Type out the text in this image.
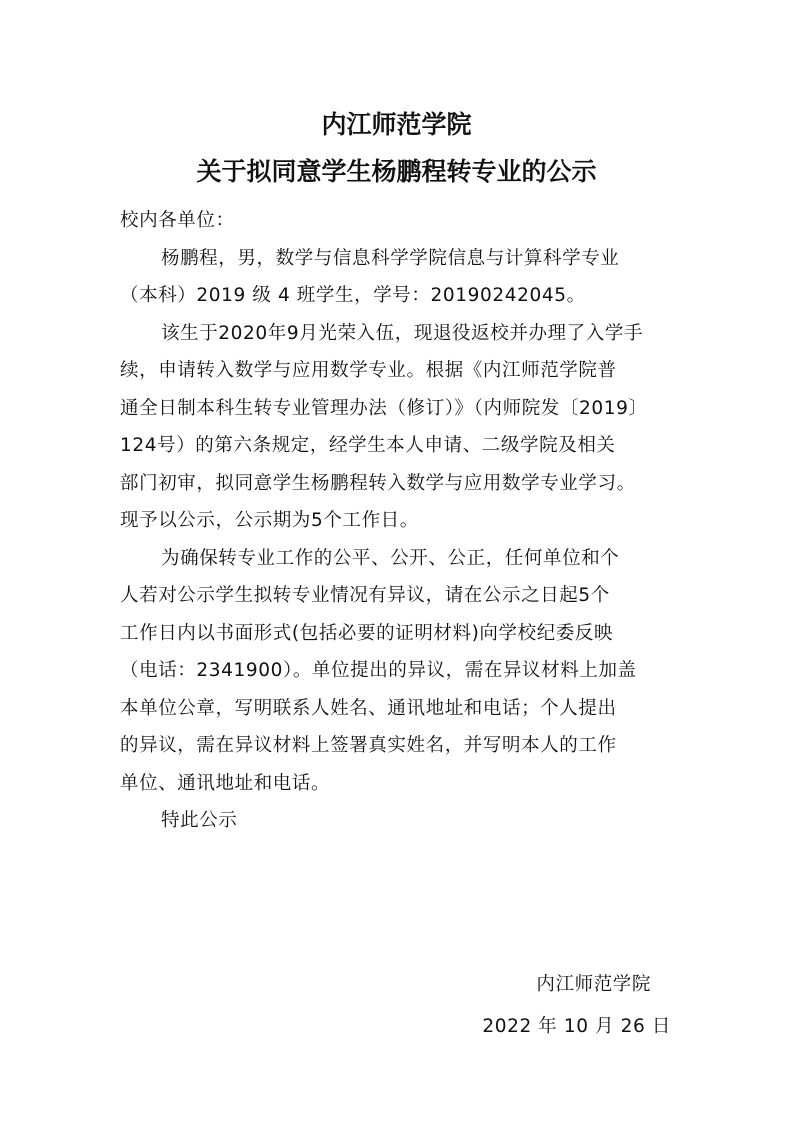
内江师范学院
关于拟同意学生杨鹏程转专业的公示

校内各单位：

杨鹏程，男，数学与信息科学学院信息与计算科学专业

（本科）2019 级 4 班学生，学号：20190242045。

该生于2020年9月光荣入伍，现退役返校并办理了入学手

续，申请转入数学与应用数学专业。根据《内江师范学院普

通全日制本科生转专业管理办法（修订）》（内师院发〔2019〕

124号）的第六条规定，经学生本人申请、二级学院及相关

部门初审，拟同意学生杨鹏程转入数学与应用数学专业学习。

现予以公示，公示期为5个工作日。

为确保转专业工作的公平、公开、公正，任何单位和个

人若对公示学生拟转专业情况有异议，请在公示之日起5个

工作日内以书面形式(包括必要的证明材料)向学校纪委反映

（电话：2341900）。单位提出的异议，需在异议材料上加盖

本单位公章，写明联系人姓名、通讯地址和电话；个人提出

的异议，需在异议材料上签署真实姓名，并写明本人的工作

单位、通讯地址和电话。

特此公示

内江师范学院
2022 年 10 月 26 日
